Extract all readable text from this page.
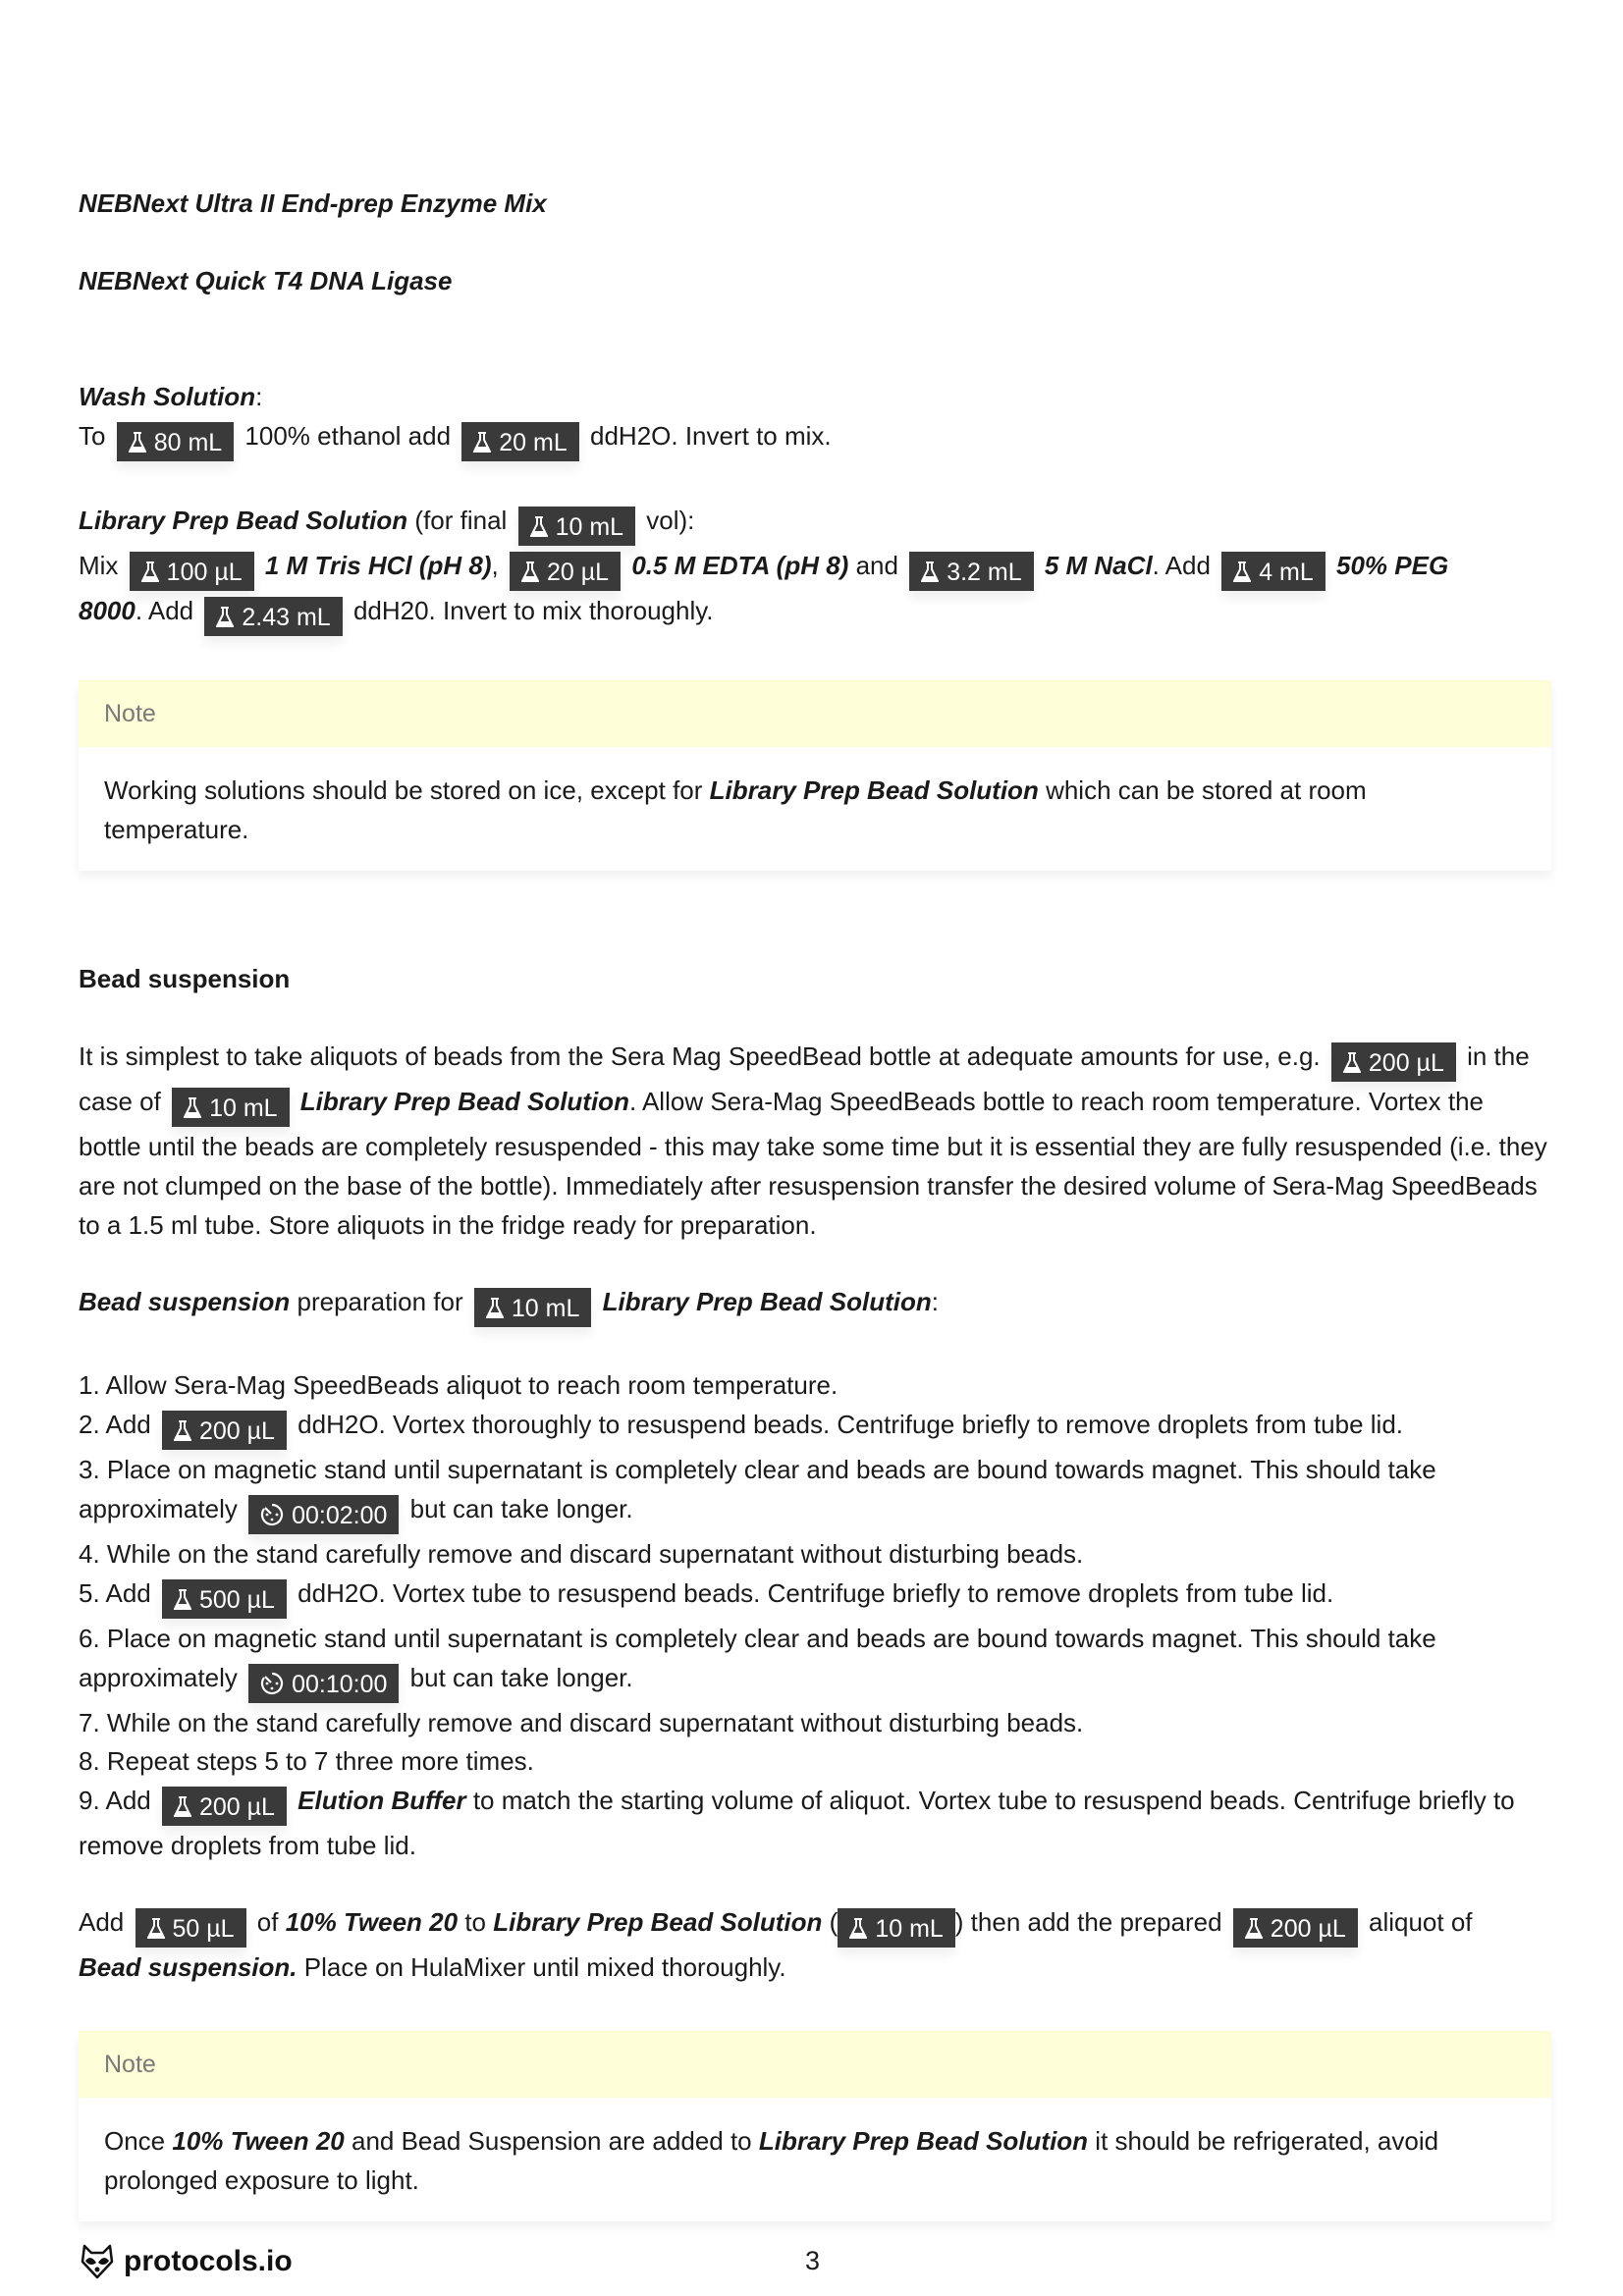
NEBNext Ultra II End-prep Enzyme Mix
NEBNext Quick T4 DNA Ligase
Wash Solution:
To 80 mL 100% ethanol add 20 mL ddH2O. Invert to mix.
Library Prep Bead Solution (for final 10 mL vol):
Mix 100 µL 1 M Tris HCl (pH 8), 20 µL 0.5 M EDTA (pH 8) and 3.2 mL 5 M NaCl. Add 4 mL 50% PEG
8000. Add 2.43 mL ddH20. Invert to mix thoroughly.
Note
Working solutions should be stored on ice, except for Library Prep Bead Solution which can be stored at room
temperature.
Bead suspension
It is simplest to take aliquots of beads from the Sera Mag SpeedBead bottle at adequate amounts for use, e.g. 200 µL in the
case of 10 mL Library Prep Bead Solution. Allow Sera-Mag SpeedBeads bottle to reach room temperature. Vortex the
bottle until the beads are completely resuspended - this may take some time but it is essential they are fully resuspended (i.e. they
are not clumped on the base of the bottle). Immediately after resuspension transfer the desired volume of Sera-Mag SpeedBeads
to a 1.5 ml tube. Store aliquots in the fridge ready for preparation.
Bead suspension preparation for 10 mL Library Prep Bead Solution:
1. Allow Sera-Mag SpeedBeads aliquot to reach room temperature.
2. Add 200 µL ddH2O. Vortex thoroughly to resuspend beads. Centrifuge briefly to remove droplets from tube lid.
3. Place on magnetic stand until supernatant is completely clear and beads are bound towards magnet. This should take
approximately 00:02:00 but can take longer.
4. While on the stand carefully remove and discard supernatant without disturbing beads.
5. Add 500 µL ddH2O. Vortex tube to resuspend beads. Centrifuge briefly to remove droplets from tube lid.
6. Place on magnetic stand until supernatant is completely clear and beads are bound towards magnet. This should take
approximately 00:10:00 but can take longer.
7. While on the stand carefully remove and discard supernatant without disturbing beads.
8. Repeat steps 5 to 7 three more times.
9. Add 200 µL Elution Buffer to match the starting volume of aliquot. Vortex tube to resuspend beads. Centrifuge briefly to
remove droplets from tube lid.
Add 50 µL of 10% Tween 20 to Library Prep Bead Solution ( 10 mL ) then add the prepared 200 µL aliquot of
Bead suspension. Place on HulaMixer until mixed thoroughly.
Note
Once 10% Tween 20 and Bead Suspension are added to Library Prep Bead Solution it should be refrigerated, avoid
prolonged exposure to light.
protocols.io	3
